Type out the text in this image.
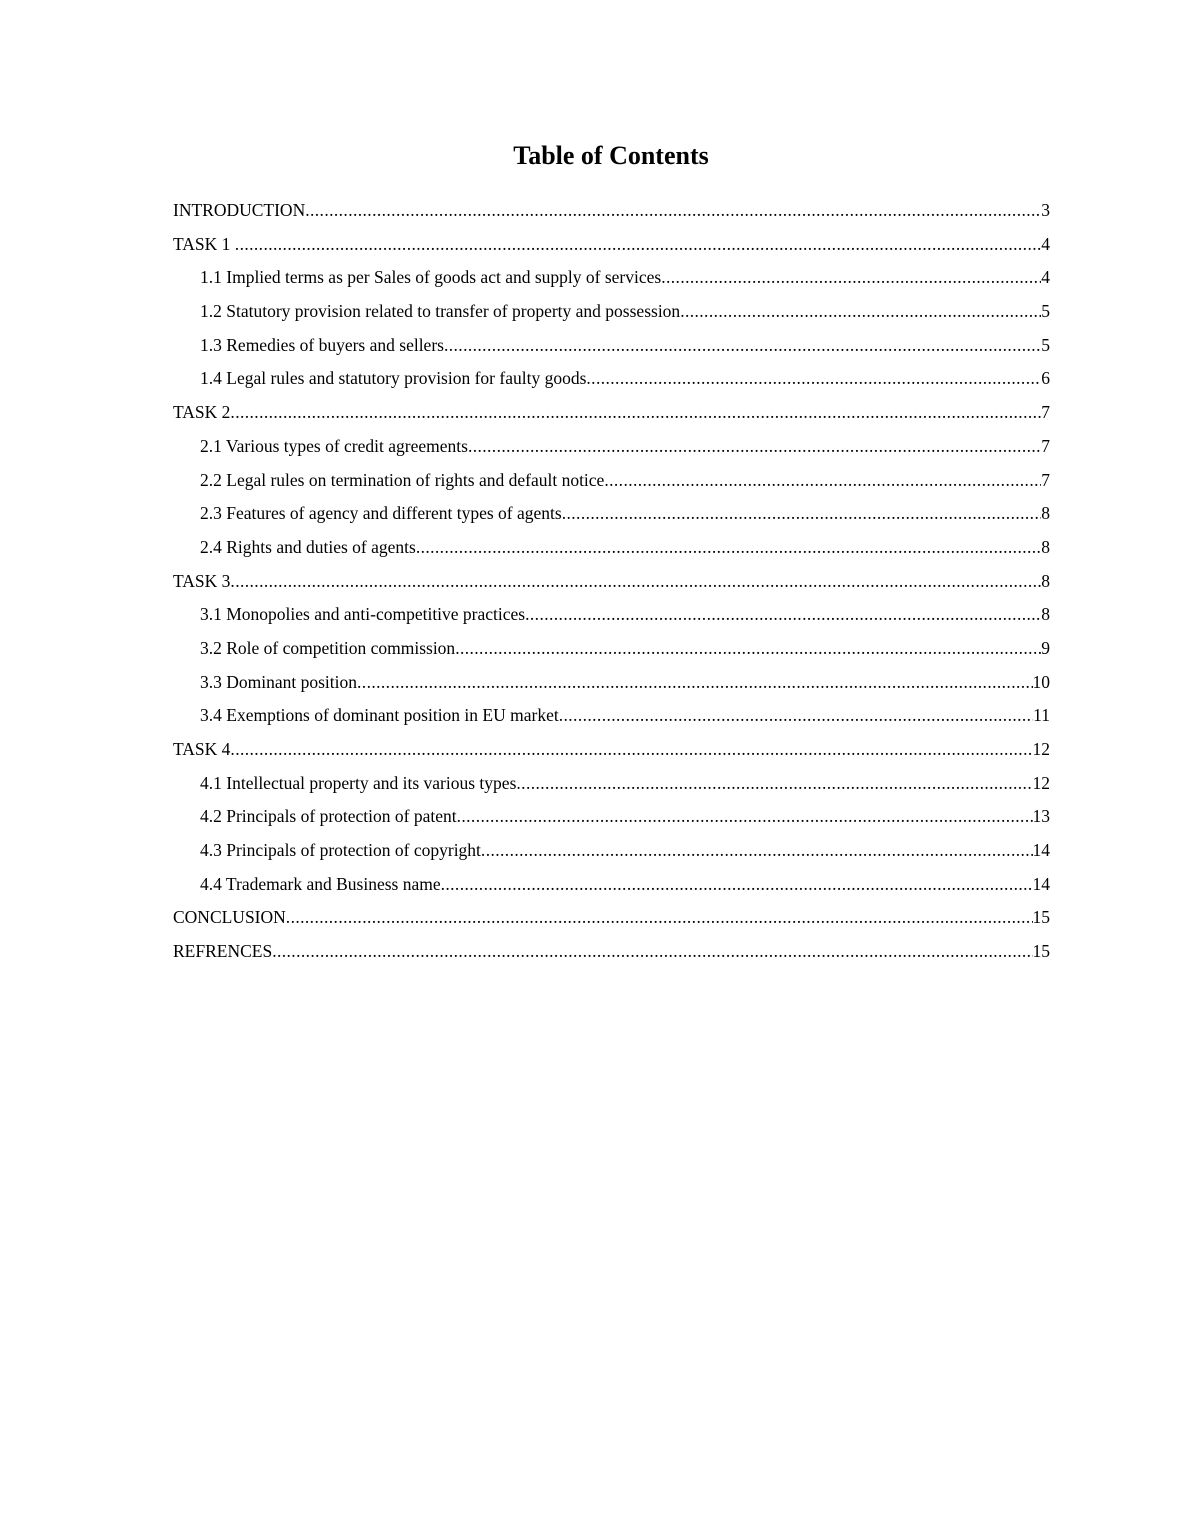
Table of Contents
INTRODUCTION .....	3
TASK 1 .....	4
1.1 Implied terms as per Sales of goods act and supply of services .....	4
1.2 Statutory provision related to transfer of property and possession .....	5
1.3 Remedies of buyers and sellers .....	5
1.4 Legal rules and statutory provision for faulty goods .....	6
TASK 2 .....	7
2.1 Various types of credit agreements .....	7
2.2 Legal rules on termination of rights and default notice .....	7
2.3 Features of agency and different types of agents .....	8
2.4 Rights and duties of agents .....	8
TASK 3 .....	8
3.1 Monopolies and anti-competitive practices .....	8
3.2 Role of competition commission .....	9
3.3 Dominant position .....	10
3.4 Exemptions of dominant position in EU market .....	11
TASK 4 .....	12
4.1 Intellectual property and its various types .....	12
4.2 Principals of protection of patent .....	13
4.3 Principals of protection of copyright .....	14
4.4 Trademark and Business name .....	14
CONCLUSION .....	15
REFRENCES .....	15
